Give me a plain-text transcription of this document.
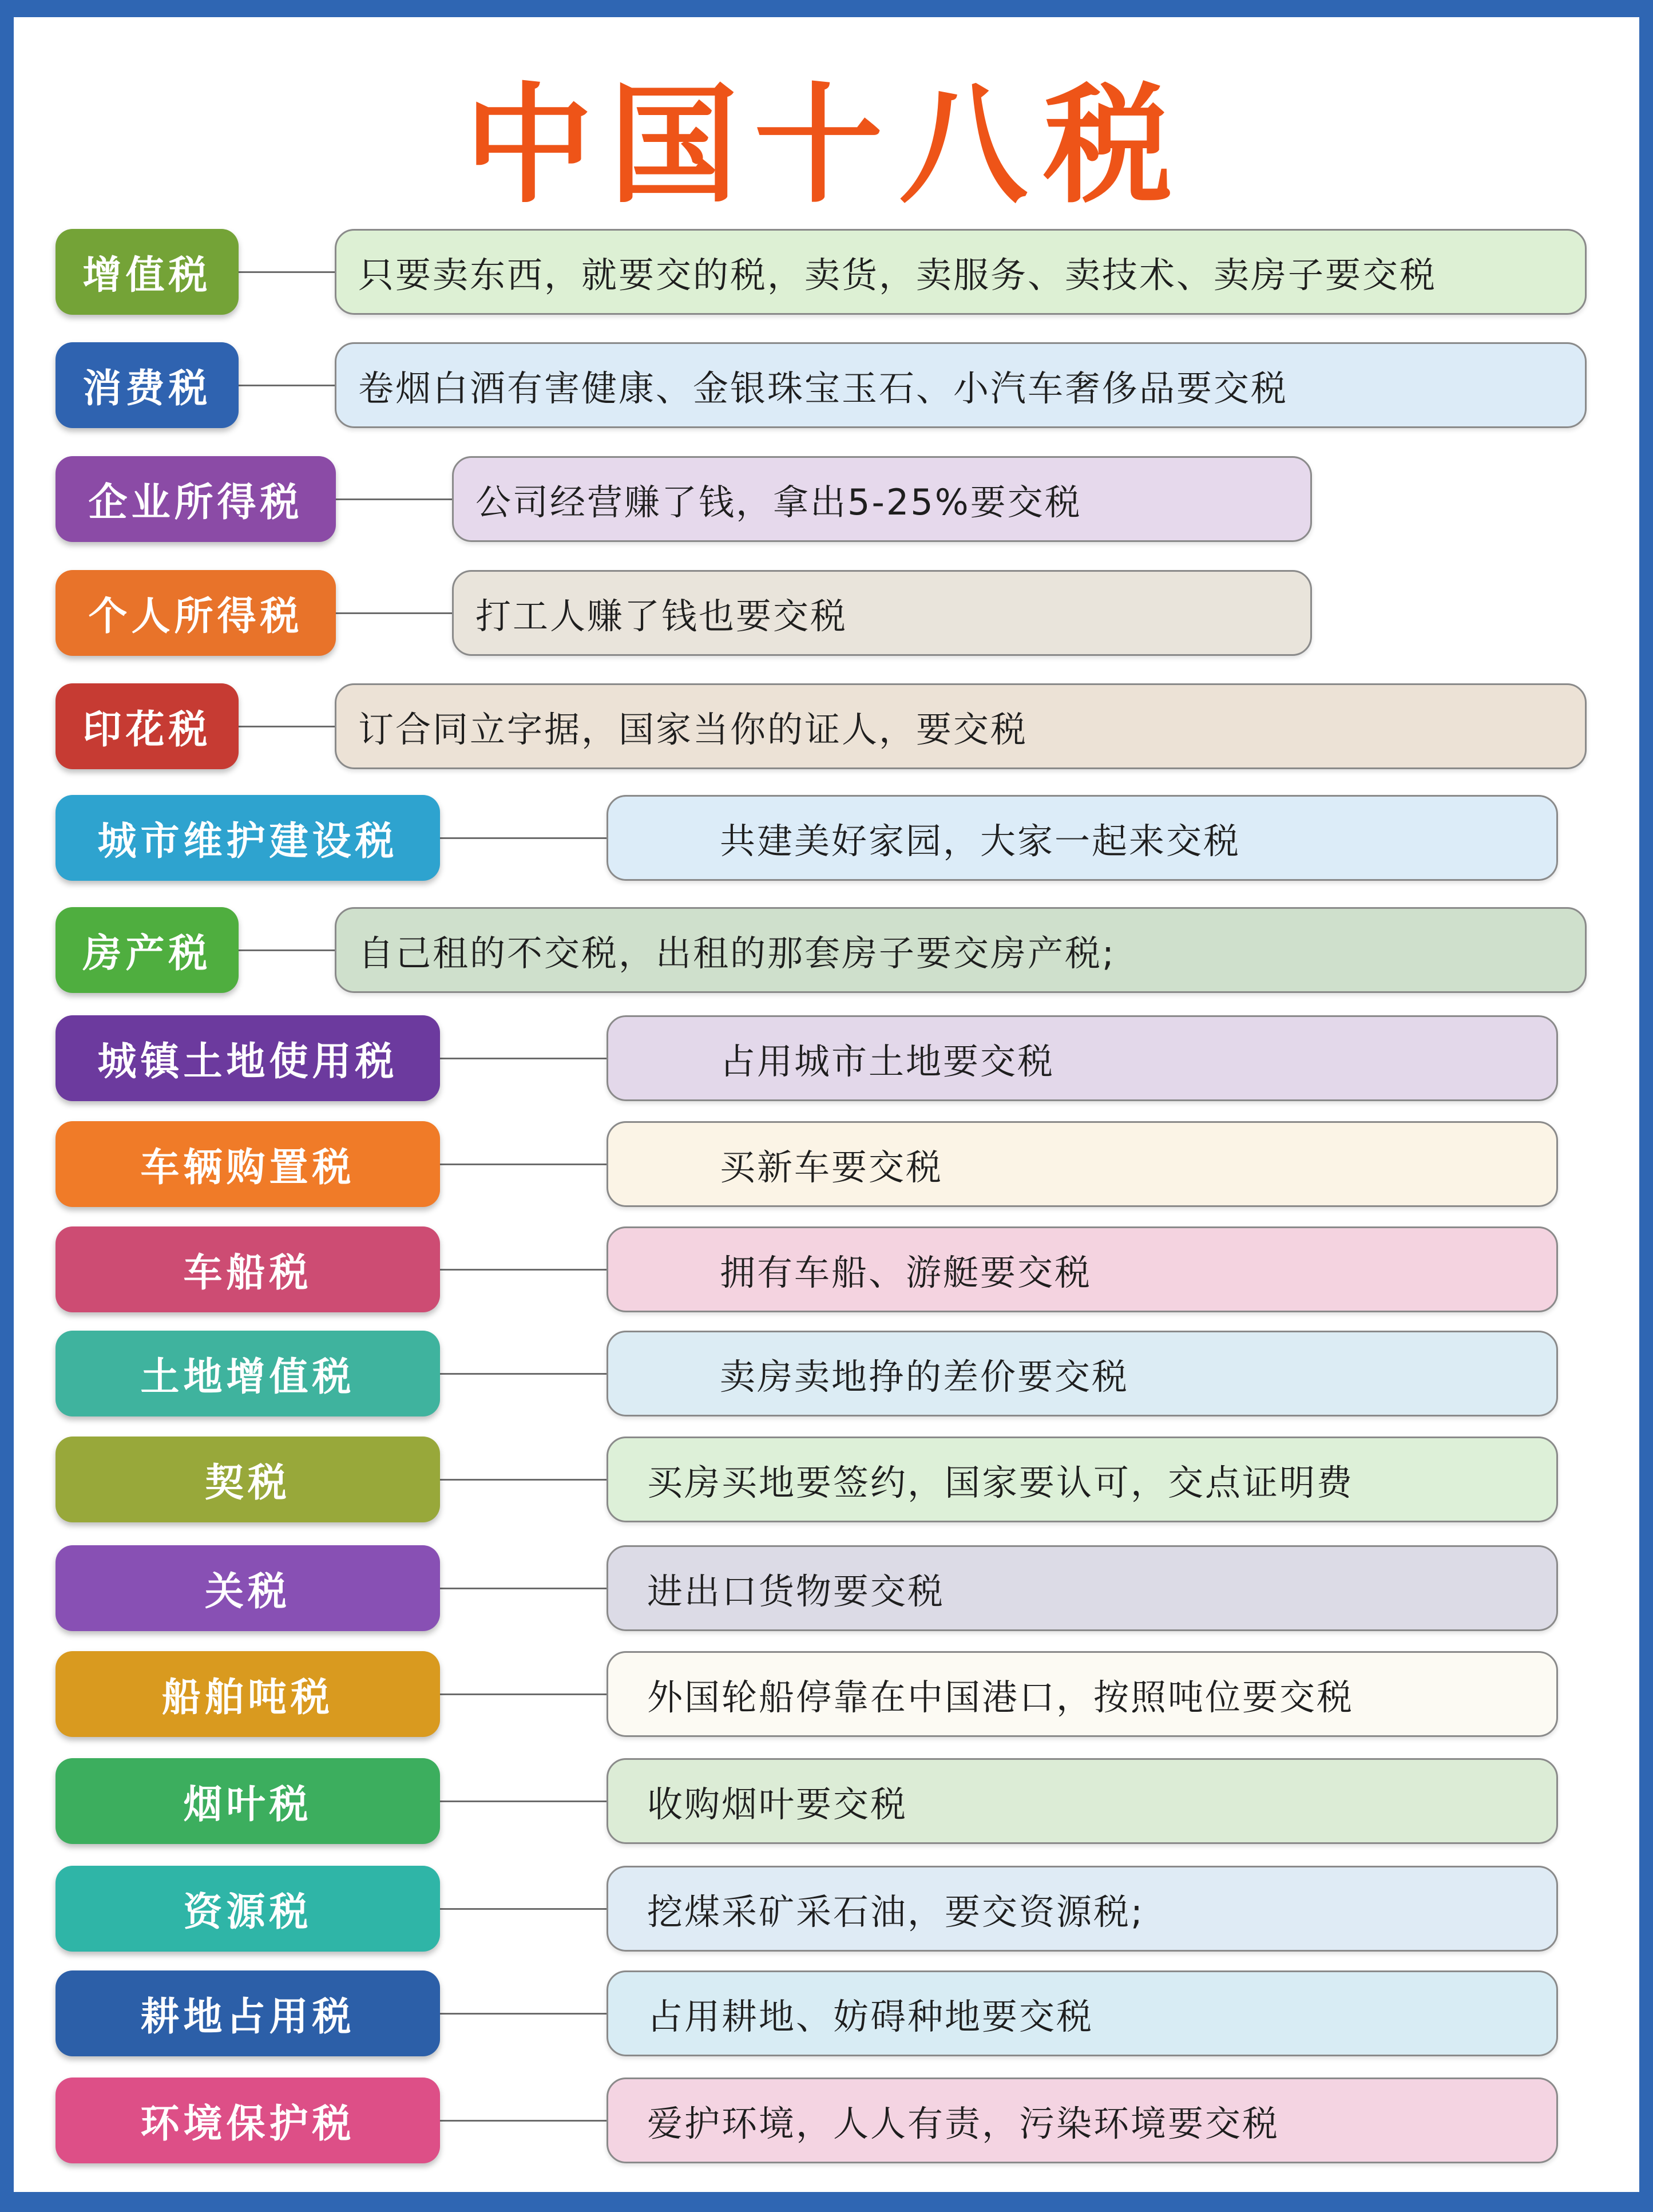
中国十八税
增值税	只要卖东西，就要交的税，卖货，卖服务、卖技术、卖房子要交税
消费税	卷烟白酒有害健康、金银珠宝玉石、小汽车奢侈品要交税
企业所得税	公司经营赚了钱，拿出5-25%要交税
个人所得税	打工人赚了钱也要交税
印花税	订合同立字据，国家当你的证人，要交税
城市维护建设税	共建美好家园，大家一起来交税
房产税	自己租的不交税，出租的那套房子要交房产税;
城镇土地使用税	占用城市土地要交税
车辆购置税	买新车要交税
车船税	拥有车船、游艇要交税
土地增值税	卖房卖地挣的差价要交税
契税	买房买地要签约，国家要认可，交点证明费
关税	进出口货物要交税
船舶吨税	外国轮船停靠在中国港口，按照吨位要交税
烟叶税	收购烟叶要交税
资源税	挖煤采矿采石油，要交资源税;
耕地占用税	占用耕地、妨碍种地要交税
环境保护税	爱护环境，人人有责，污染环境要交税
